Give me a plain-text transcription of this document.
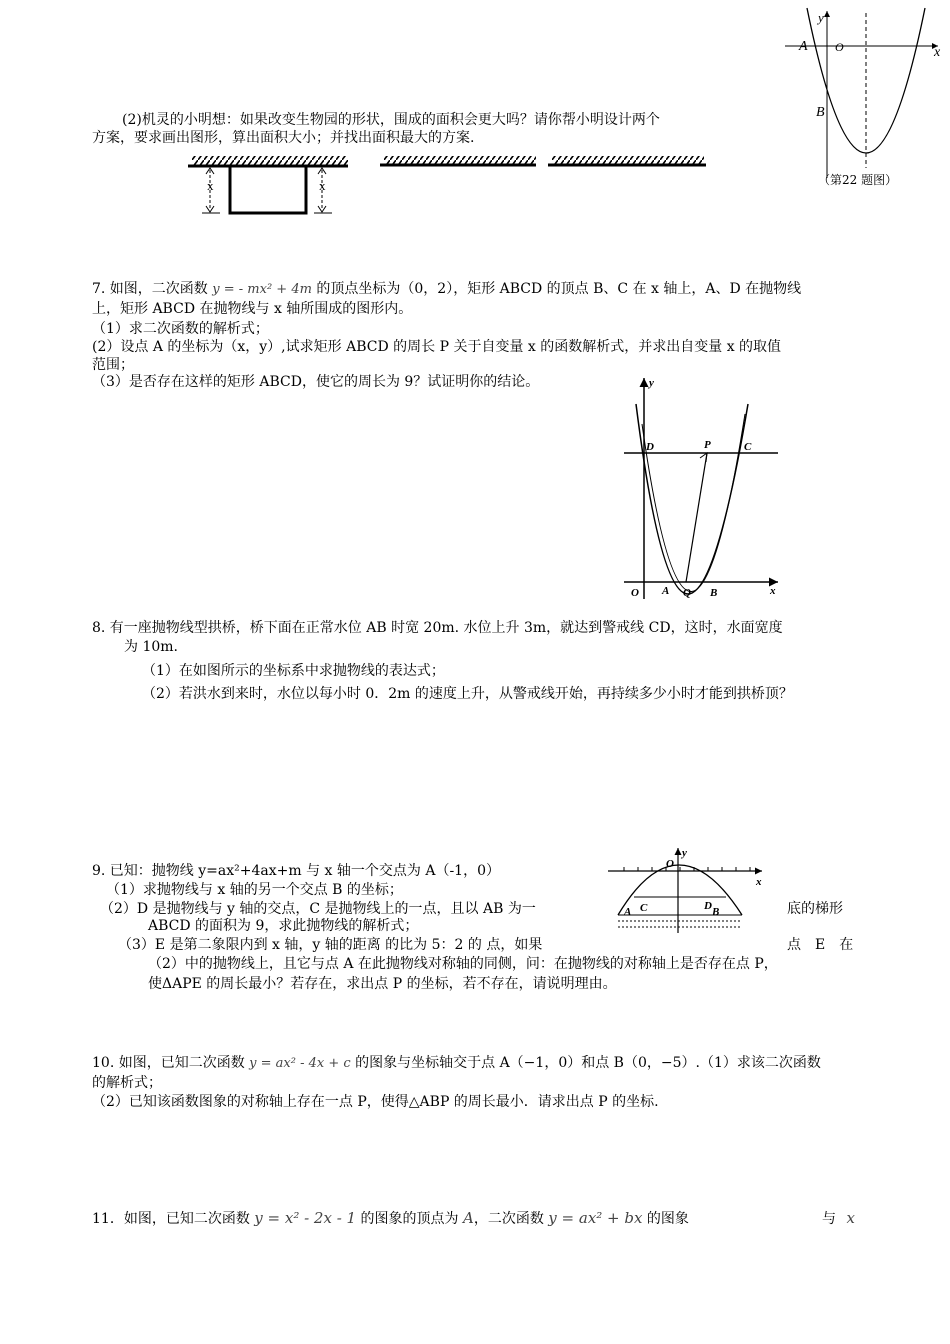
y
x
O
A
B
（第22 题图）
(2)机灵的小明想：如果改变生物园的形状，围成的面积会更大吗？请你帮小明设计两个
方案，要求画出图形，算出面积大小；并找出面积最大的方案.
x	x
7. 如图，二次函数 y = - mx² + 4m 的顶点坐标为（0，2），矩形 ABCD 的顶点 B、C 在 x 轴上，A、D 在抛物线
上，矩形 ABCD 在抛物线与 x 轴所围成的图形内。
（1）求二次函数的解析式；
(2）设点 A 的坐标为（x，y）,试求矩形 ABCD 的周长 P 关于自变量 x 的函数解析式，并求出自变量 x 的取值
范围；
（3）是否存在这样的矩形 ABCD，使它的周长为 9？试证明你的结论。	y
x
O A Q B
D	P	C
8. 有一座抛物线型拱桥，桥下面在正常水位 AB 时宽 20m. 水位上升 3m，就达到警戒线 CD，这时，水面宽度
为 10m.
（1）在如图所示的坐标系中求抛物线的表达式；
（2）若洪水到来时，水位以每小时 0．2m 的速度上升，从警戒线开始，再持续多少小时才能到拱桥顶？
9. 已知：抛物线 y=ax²+4ax+m 与 x 轴一个交点为 A（-1，0）
（1）求抛物线与 x 轴的另一个交点 B 的坐标；
（2）D 是抛物线与 y 轴的交点，C 是抛物线上的一点，且以 AB 为一	底的梯形
ABCD 的面积为 9，求此抛物线的解析式；
（3）E 是第二象限内到 x 轴，y 轴的距离 的比为 5：2 的 点，如果	点　E　在
（2）中的抛物线上，且它与点 A 在此抛物线对称轴的同侧，问：在抛物线的对称轴上是否存在点 P，
使ΔAPE 的周长最小？若存在，求出点 P 的坐标，若不存在，请说明理由。
O
y
x
C	D
A	B
10. 如图，已知二次函数 y = ax² - 4x + c 的图象与坐标轴交于点 A（−1，0）和点 B（0，−5）.（1）求该二次函数
的解析式；
（2）已知该函数图象的对称轴上存在一点 P，使得△ABP 的周长最小．请求出点 P 的坐标.
11．如图，已知二次函数 y = x² - 2x - 1 的图象的顶点为 A，二次函数 y = ax² + bx 的图象	与 x
